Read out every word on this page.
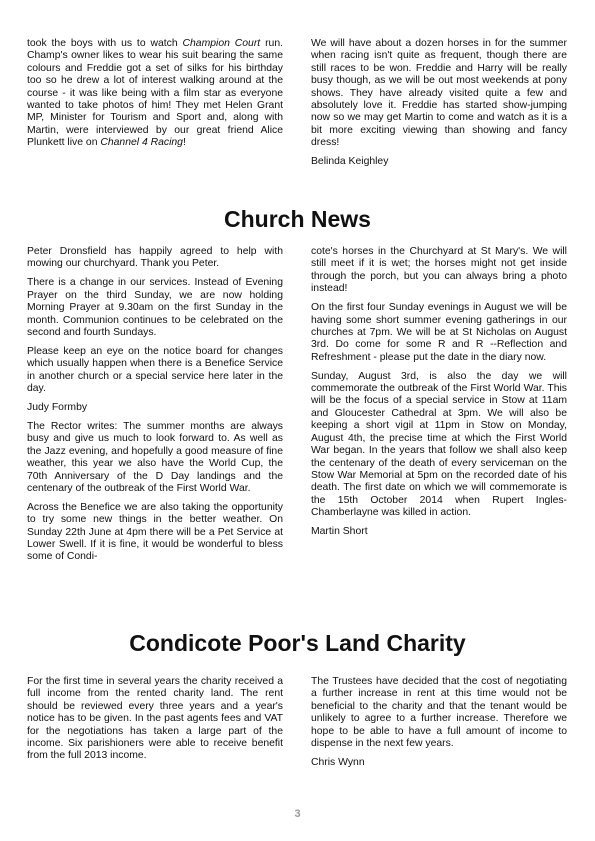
took the boys with us to watch Champion Court run. Champ's owner likes to wear his suit bearing the same colours and Freddie got a set of silks for his birthday too so he drew a lot of interest walking around at the course - it was like being with a film star as everyone wanted to take photos of him! They met Helen Grant MP, Minister for Tourism and Sport and, along with Martin, were interviewed by our great friend Alice Plunkett live on Channel 4 Racing!

We will have about a dozen horses in for the summer when racing isn't quite as frequent, though there are still races to be won. Freddie and Harry will be really busy though, as we will be out most weekends at pony shows. They have already visited quite a few and absolutely love it. Freddie has started show-jumping now so we may get Martin to come and watch as it is a bit more exciting viewing than showing and fancy dress!

Belinda Keighley

Church News

Peter Dronsfield has happily agreed to help with mowing our churchyard. Thank you Peter.

There is a change in our services. Instead of Evening Prayer on the third Sunday, we are now holding Morning Prayer at 9.30am on the first Sunday in the month. Communion continues to be celebrated on the second and fourth Sundays.

Please keep an eye on the notice board for changes which usually happen when there is a Benefice Service in another church or a special service here later in the day.

Judy Formby

The Rector writes: The summer months are always busy and give us much to look forward to. As well as the Jazz evening, and hopefully a good measure of fine weather, this year we also have the World Cup, the 70th Anniversary of the D Day landings and the centenary of the outbreak of the First World War.

Across the Benefice we are also taking the opportunity to try some new things in the better weather. On Sunday 22th June at 4pm there will be a Pet Service at Lower Swell. If it is fine, it would be wonderful to bless some of Condi-

cote's horses in the Churchyard at St Mary's. We will still meet if it is wet; the horses might not get inside through the porch, but you can always bring a photo instead!

On the first four Sunday evenings in August we will be having some short summer evening gatherings in our churches at 7pm. We will be at St Nicholas on August 3rd. Do come for some R and R --Reflection and Refreshment - please put the date in the diary now.

Sunday, August 3rd, is also the day we will commemorate the outbreak of the First World War. This will be the focus of a special service in Stow at 11am and Gloucester Cathedral at 3pm. We will also be keeping a short vigil at 11pm in Stow on Monday, August 4th, the precise time at which the First World War began. In the years that follow we shall also keep the centenary of the death of every serviceman on the Stow War Memorial at 5pm on the recorded date of his death. The first date on which we will commemorate is the 15th October 2014 when Rupert Ingles-Chamberlayne was killed in action.

Martin Short

Condicote Poor's Land Charity

For the first time in several years the charity received a full income from the rented charity land. The rent should be reviewed every three years and a year's notice has to be given. In the past agents fees and VAT for the negotiations has taken a large part of the income. Six parishioners were able to receive benefit from the full 2013 income.

The Trustees have decided that the cost of negotiating a further increase in rent at this time would not be beneficial to the charity and that the tenant would be unlikely to agree to a further increase. Therefore we hope to be able to have a full amount of income to dispense in the next few years.

Chris Wynn

3
